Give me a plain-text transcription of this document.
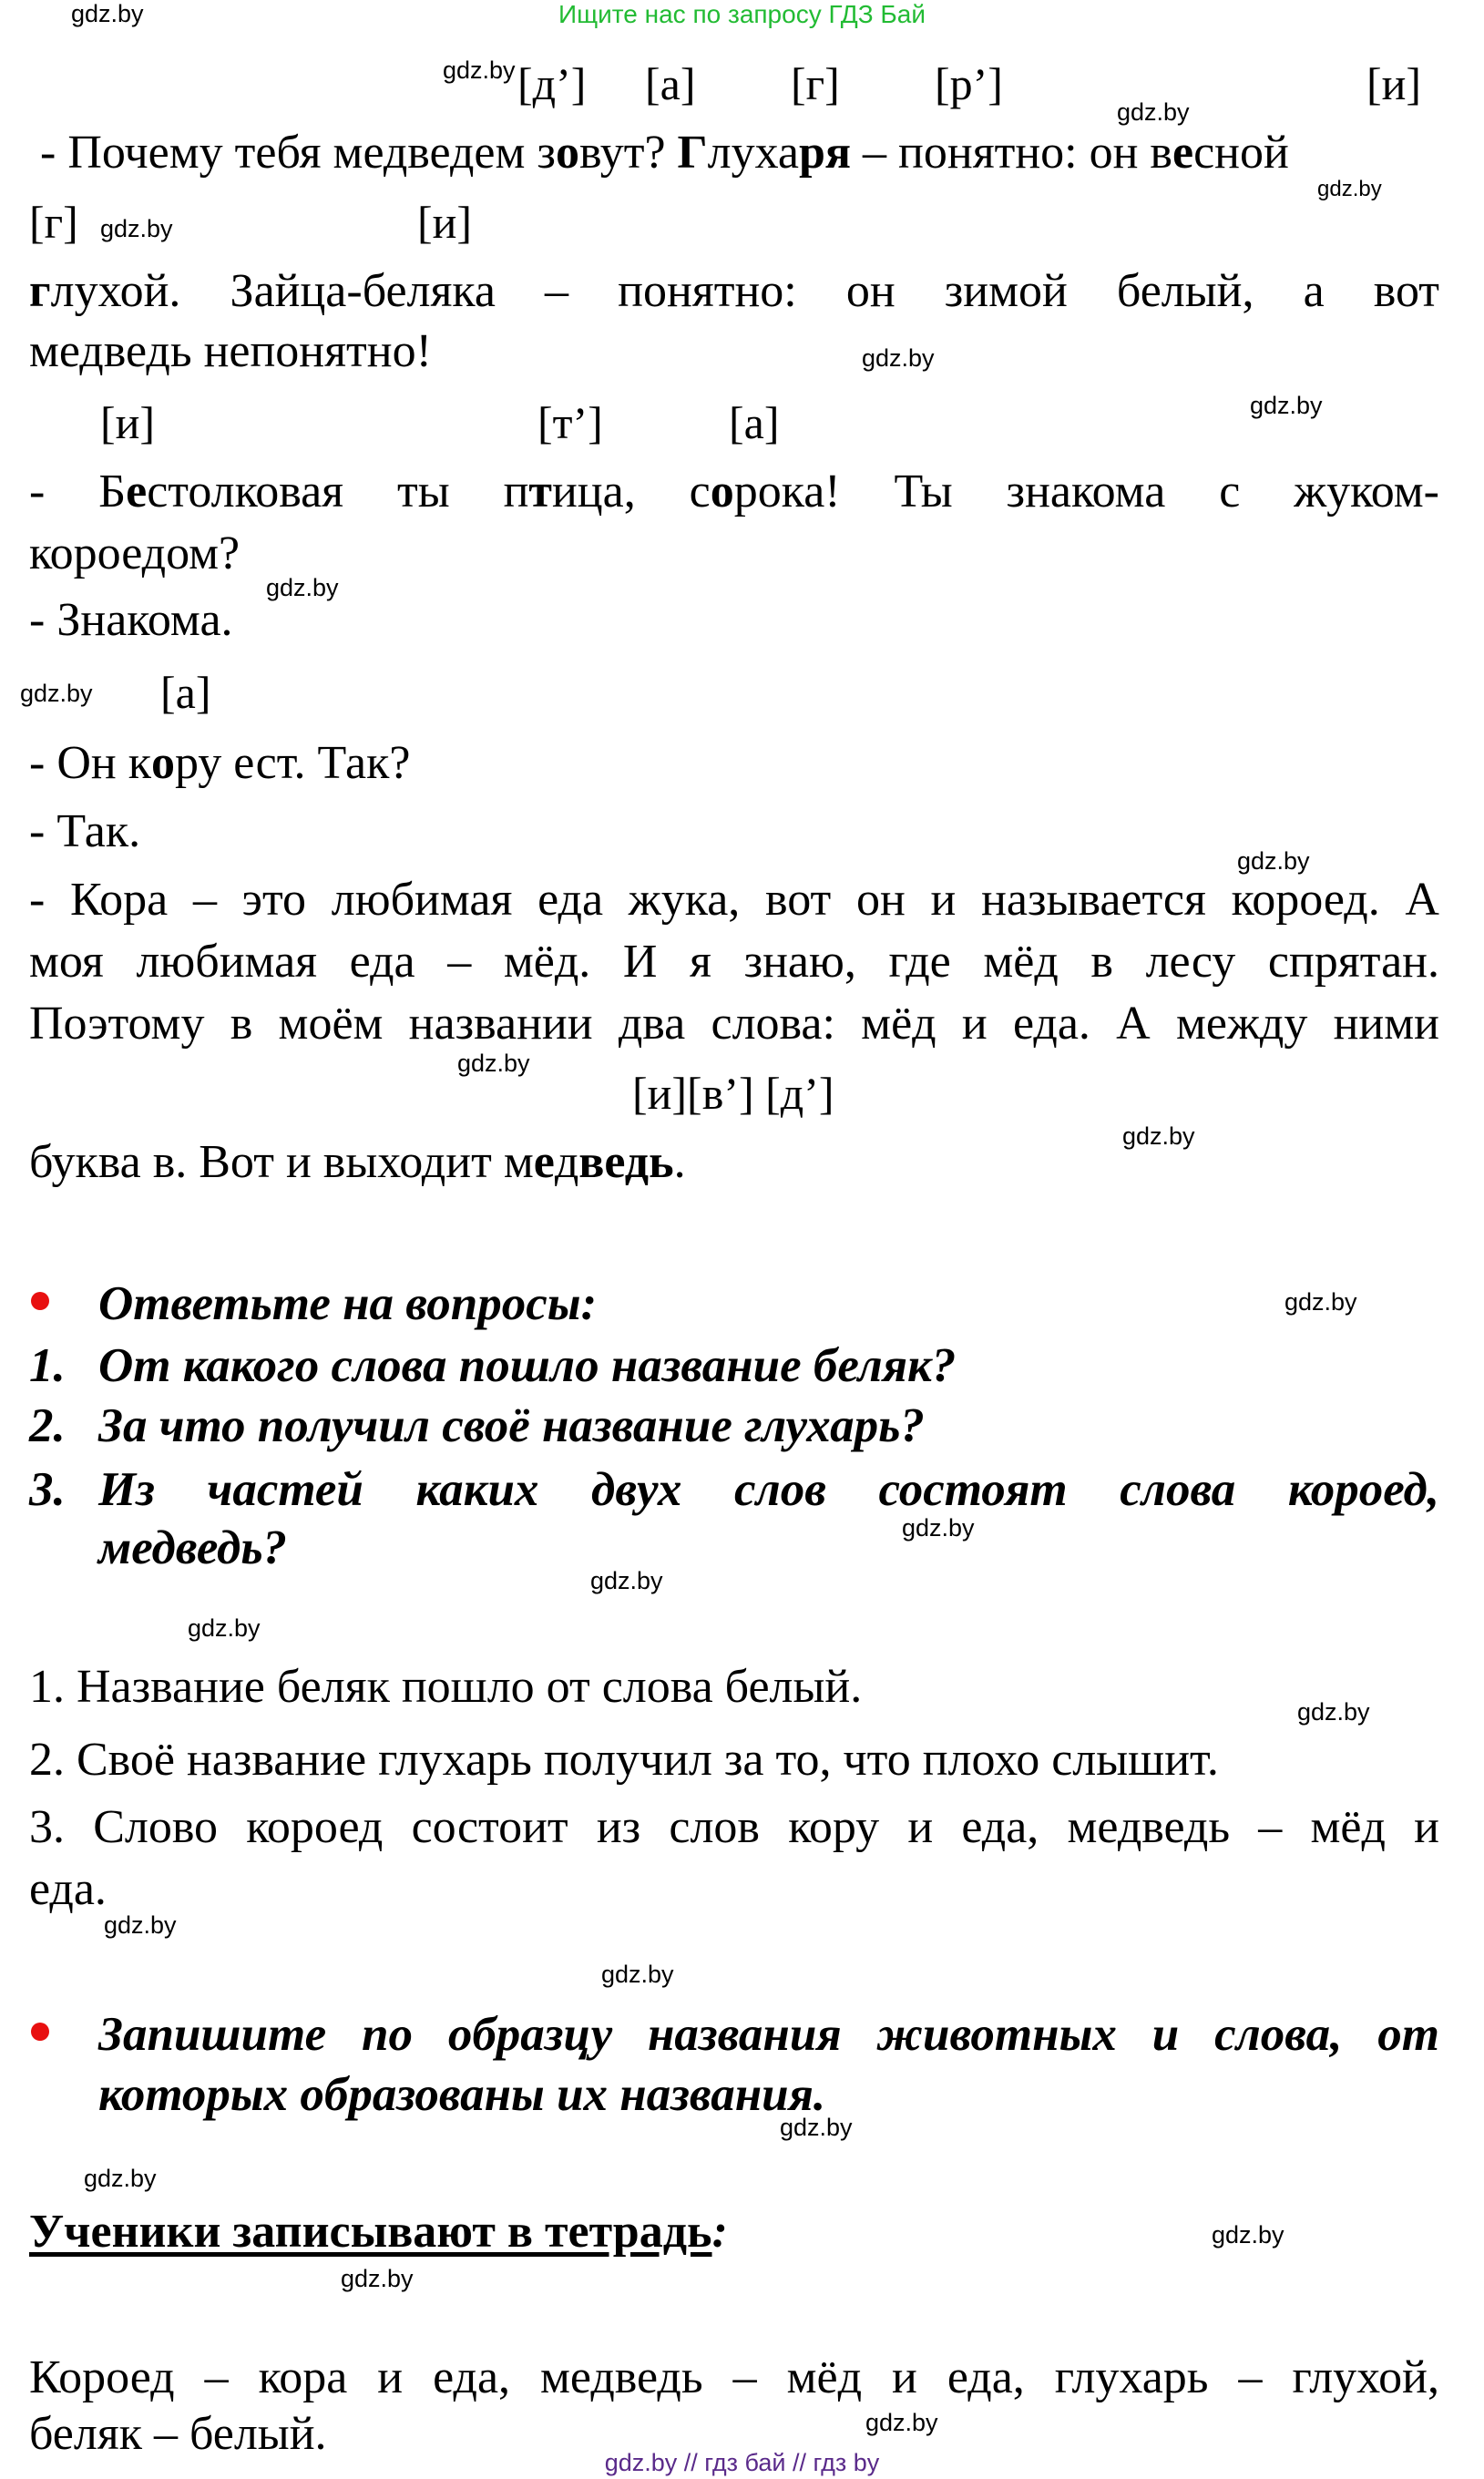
Ищите нас по запросу ГДЗ Бай
gdz.by [д’] [а] [г] [р’]	[и]
gdz.by
- Почему тебя медведем зовут? Глухаря – понятно: он весной
gdz.by
[г] gdz.by	[и]
глухой. Зайца-беляка – понятно: он зимой белый, а вот
медведь непонятно!	gdz.by
[и]	[т’]	[а]	gdz.by
- Бестолковая ты птица, сорока! Ты знакома с жуком-
короедом?
gdz.by
- Знакома.
gdz.by [а]
- Он кору ест. Так?
- Так.
gdz.by
- Кора – это любимая еда жука, вот он и называется короед. А
моя любимая еда – мёд. И я знаю, где мёд в лесу спрятан.
Поэтому в моём названии два слова: мёд и еда. А между ними
gdz.by
[и][в’] [д’]
gdz.by
буква в. Вот и выходит медведь.
gdz.by
Ответьте на вопросы:	gdz.by
1. От какого слова пошло название беляк?
2. За что получил своё название глухарь?
3. Из частей каких двух слов состоят слова короед,
медведь?	gdz.by
gdz.by
gdz.by
1. Название беляк пошло от слова белый.	gdz.by
2. Своё название глухарь получил за то, что плохо слышит.
3. Слово короед состоит из слов кору и еда, медведь – мёд и
еда.
gdz.by
gdz.by
Запишите по образцу названия животных и слова, от
которых образованы их названия.
gdz.by
gdz.by
Ученики записывают в тетрадь:	gdz.by
gdz.by
Короед – кора и еда, медведь – мёд и еда, глухарь – глухой,
беляк – белый.	gdz.by
gdz.by // гдз бай // гдз by
